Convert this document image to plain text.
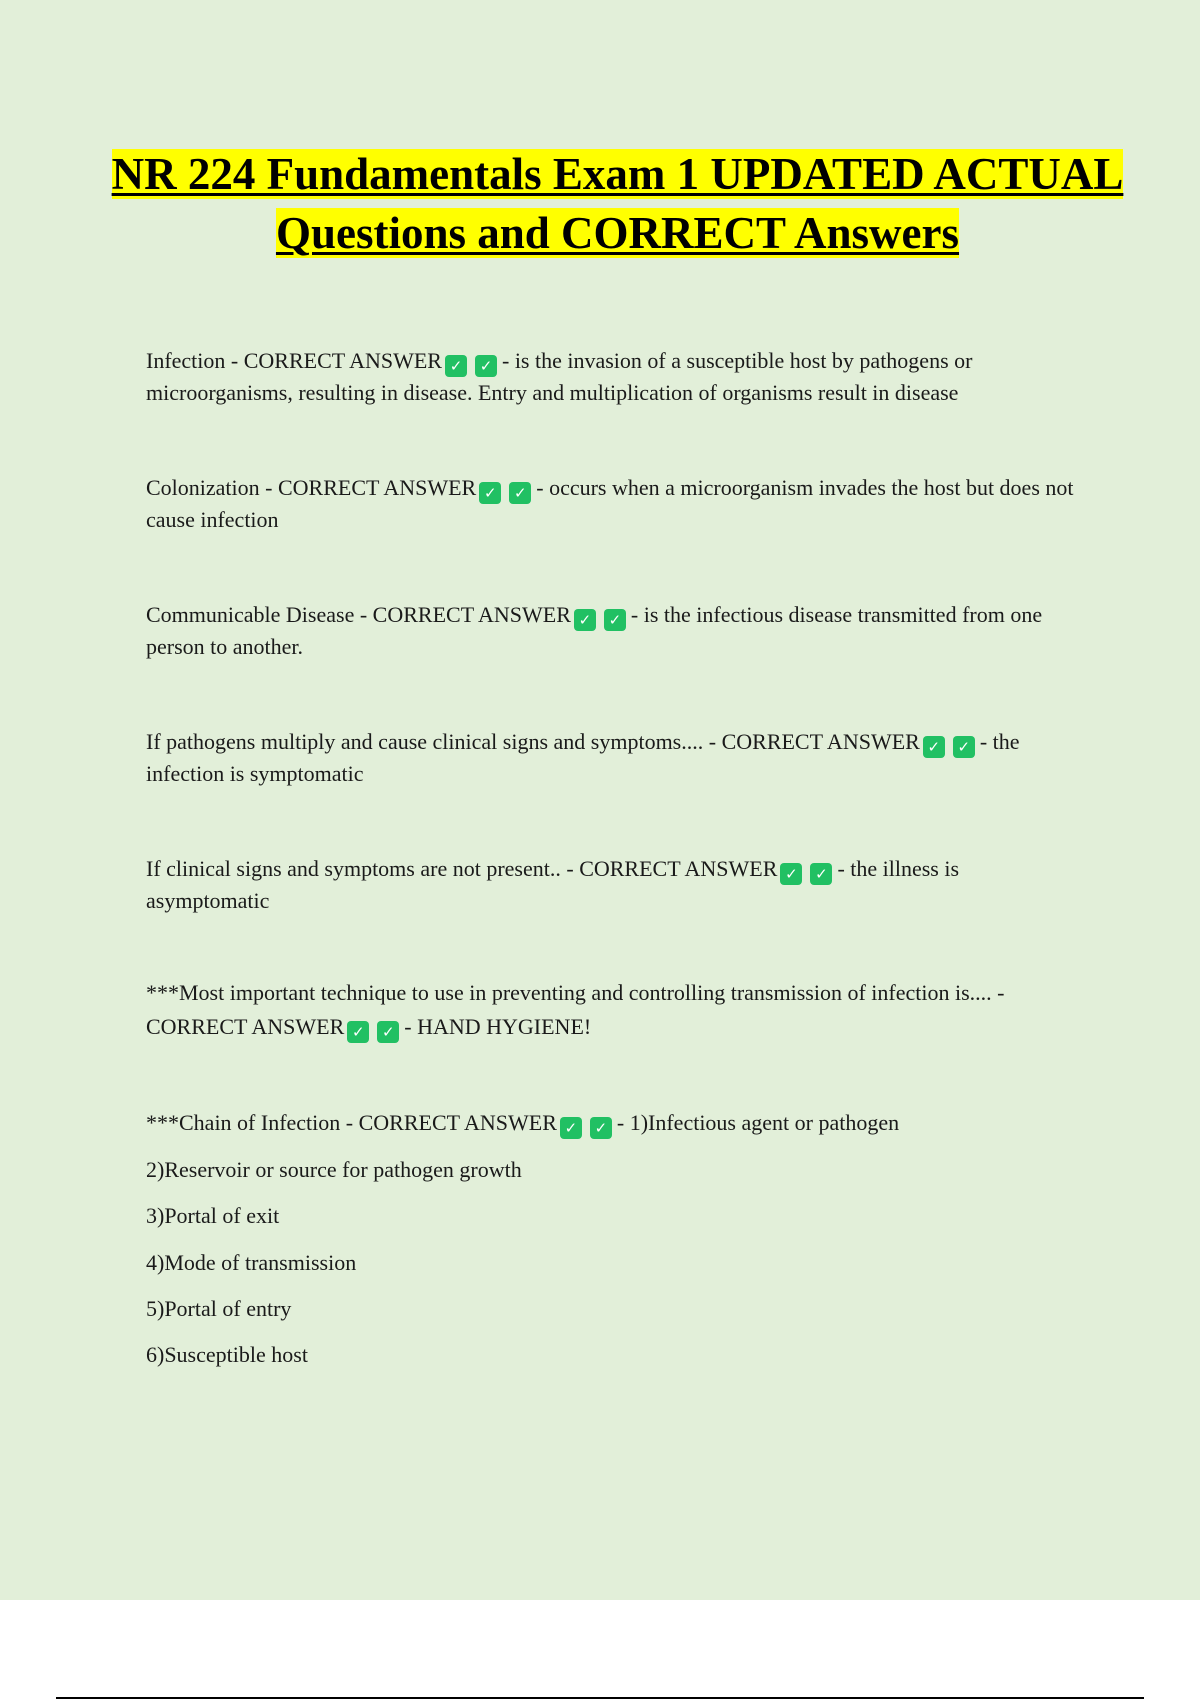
NR 224 Fundamentals Exam 1 UPDATED ACTUAL Questions and CORRECT Answers

Infection - CORRECT ANSWER ✓ ✓ - is the invasion of a susceptible host by pathogens or microorganisms, resulting in disease. Entry and multiplication of organisms result in disease

Colonization - CORRECT ANSWER ✓ ✓ - occurs when a microorganism invades the host but does not cause infection

Communicable Disease - CORRECT ANSWER ✓ ✓ - is the infectious disease transmitted from one person to another.

If pathogens multiply and cause clinical signs and symptoms.... - CORRECT ANSWER ✓ ✓ - the infection is symptomatic

If clinical signs and symptoms are not present.. - CORRECT ANSWER ✓ ✓ - the illness is asymptomatic

***Most important technique to use in preventing and controlling transmission of infection is.... - CORRECT ANSWER ✓ ✓ - HAND HYGIENE!

***Chain of Infection - CORRECT ANSWER ✓ ✓ - 1)Infectious agent or pathogen

2)Reservoir or source for pathogen growth

3)Portal of exit

4)Mode of transmission

5)Portal of entry

6)Susceptible host
